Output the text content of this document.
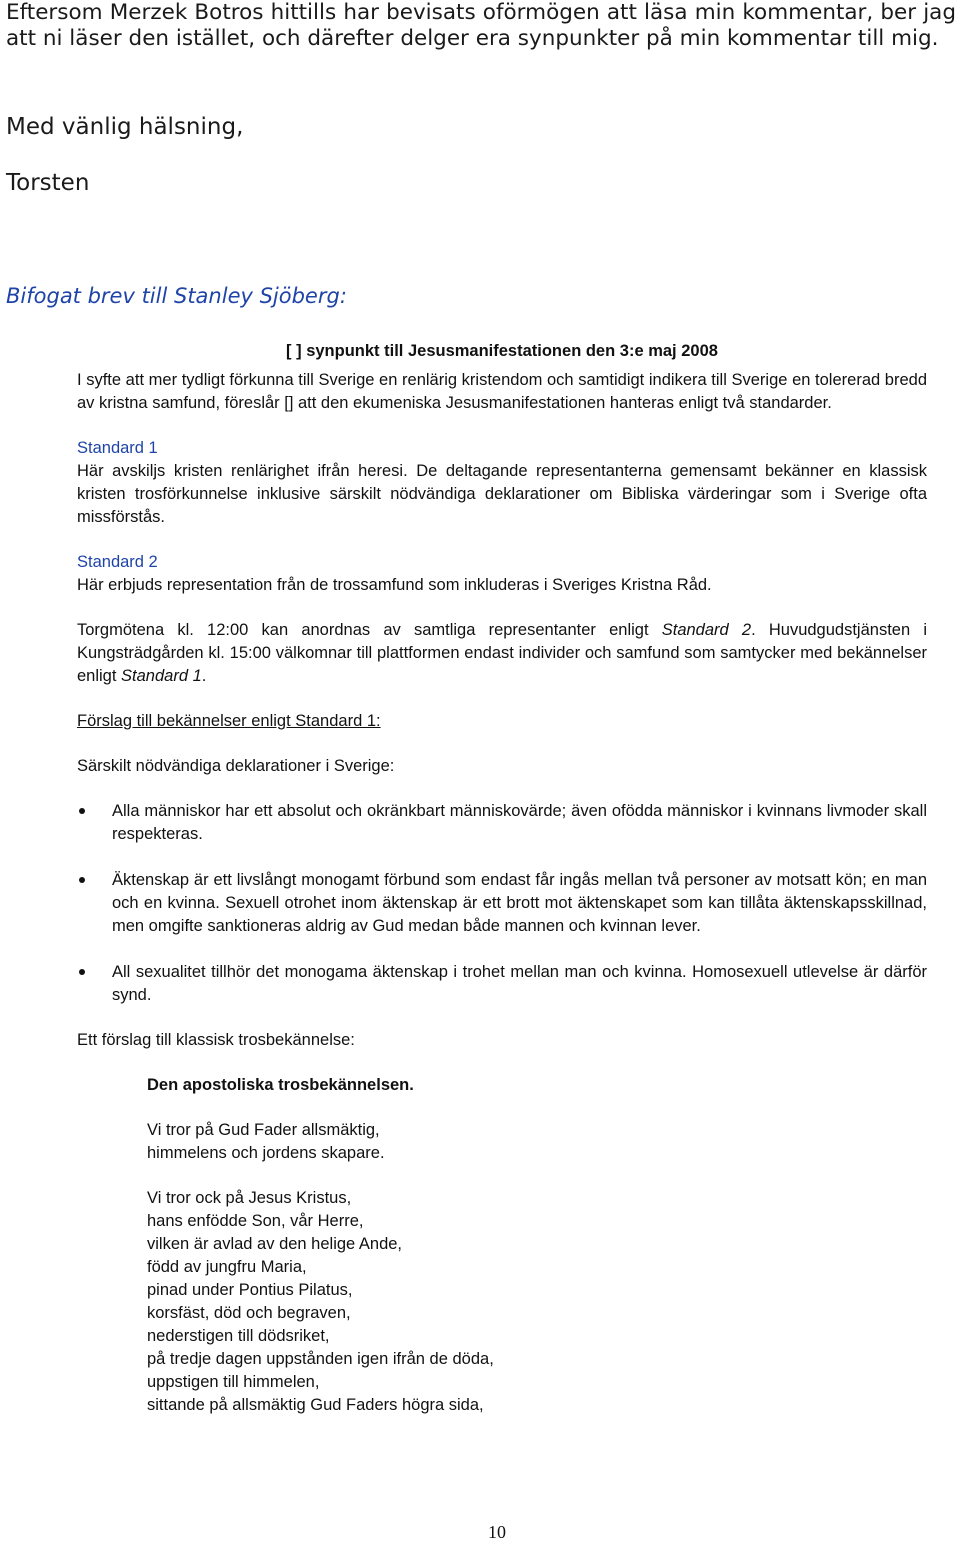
Eftersom Merzek Botros hittills har bevisats oförmögen att läsa min kommentar, ber jag att ni läser den istället, och därefter delger era synpunkter på min kommentar till mig.
Med vänlig hälsning,
Torsten
Bifogat brev till Stanley Sjöberg:

[ ] synpunkt till Jesusmanifestationen den 3:e maj 2008

I syfte att mer tydligt förkunna till Sverige en renlärig kristendom och samtidigt indikera till Sverige en tolererad bredd av kristna samfund, föreslår [] att den ekumeniska Jesusmanifestationen hanteras enligt två standarder.

Standard 1

Här avskiljs kristen renlärighet ifrån heresi. De deltagande representanterna gemensamt bekänner en klassisk kristen trosförkunnelse inklusive särskilt nödvändiga deklarationer om Bibliska värderingar som i Sverige ofta missförstås.

Standard 2

Här erbjuds representation från de trossamfund som inkluderas i Sveriges Kristna Råd.

Torgmötena kl. 12:00 kan anordnas av samtliga representanter enligt Standard 2. Huvudgudstjänsten i Kungsträdgården kl. 15:00 välkomnar till plattformen endast individer och samfund som samtycker med bekännelser enligt Standard 1.

Förslag till bekännelser enligt Standard 1:

Särskilt nödvändiga deklarationer i Sverige:

Alla människor har ett absolut och okränkbart människovärde; även ofödda människor i kvinnans livmoder skall respekteras.
Äktenskap är ett livslångt monogamt förbund som endast får ingås mellan två personer av motsatt kön; en man och en kvinna. Sexuell otrohet inom äktenskap är ett brott mot äktenskapet som kan tillåta äktenskapsskillnad, men omgifte sanktioneras aldrig av Gud medan både mannen och kvinnan lever.
All sexualitet tillhör det monogama äktenskap i trohet mellan man och kvinna. Homosexuell utlevelse är därför synd.

Ett förslag till klassisk trosbekännelse:

Den apostoliska trosbekännelsen.

Vi tror på Gud Fader allsmäktig,
himmelens och jordens skapare.
Vi tror ock på Jesus Kristus,
hans enfödde Son, vår Herre,
vilken är avlad av den helige Ande,
född av jungfru Maria,
pinad under Pontius Pilatus,
korsfäst, död och begraven,
nederstigen till dödsriket,
på tredje dagen uppstånden igen ifrån de döda,
uppstigen till himmelen,
sittande på allsmäktig Gud Faders högra sida,
10
